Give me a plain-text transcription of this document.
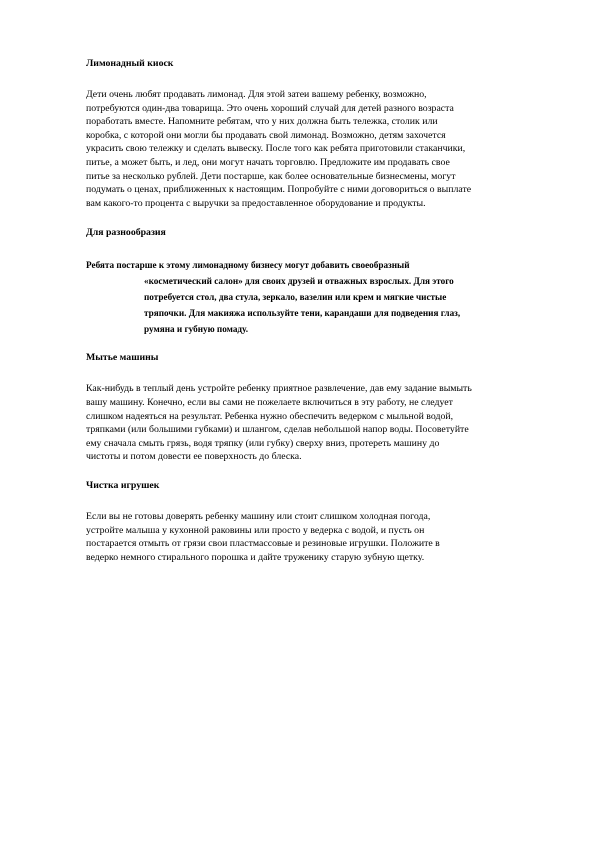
Лимонадный киоск

Дети очень любят продавать лимонад. Для этой затеи вашему ребенку, возможно,
потребуются один-два товарища. Это очень хороший случай для детей разного возраста
поработать вместе. Напомните ребятам, что у них должна быть тележка, столик или
коробка, с которой они могли бы продавать свой лимонад. Возможно, детям захочется
украсить свою тележку и сделать вывеску. После того как ребята приготовили стаканчики,
питье, а может быть, и лед, они могут начать торговлю. Предложите им продавать свое
питье за несколько рублей. Дети постарше, как более основательные бизнесмены, могут
подумать о ценах, приближенных к настоящим. Попробуйте с ними договориться о выплате
вам какого-то процента с выручки за предоставленное оборудование и продукты.

Для разнообразия

Ребята постарше к этому лимонадному бизнесу могут добавить своеобразный
«косметический салон» для своих друзей и отважных взрослых. Для этого
потребуется стол, два стула, зеркало, вазелин или крем и мягкие чистые
тряпочки. Для макияжа используйте тени, карандаши для подведения глаз,
румяна и губную помаду.

Мытье машины

Как-нибудь в теплый день устройте ребенку приятное развлечение, дав ему задание вымыть
вашу машину. Конечно, если вы сами не пожелаете включиться в эту работу, не следует
слишком надеяться на результат. Ребенка нужно обеспечить ведерком с мыльной водой,
тряпками (или большими губками) и шлангом, сделав небольшой напор воды. Посоветуйте
ему сначала смыть грязь, водя тряпку (или губку) сверху вниз, протереть машину до
чистоты и потом довести ее поверхность до блеска.

Чистка игрушек

Если вы не готовы доверять ребенку машину или стоит слишком холодная погода,
устройте малыша у кухонной раковины или просто у ведерка с водой, и пусть он
постарается отмыть от грязи свои пластмассовые и резиновые игрушки. Положите в
ведерко немного стирального порошка и дайте труженику старую зубную щетку.
